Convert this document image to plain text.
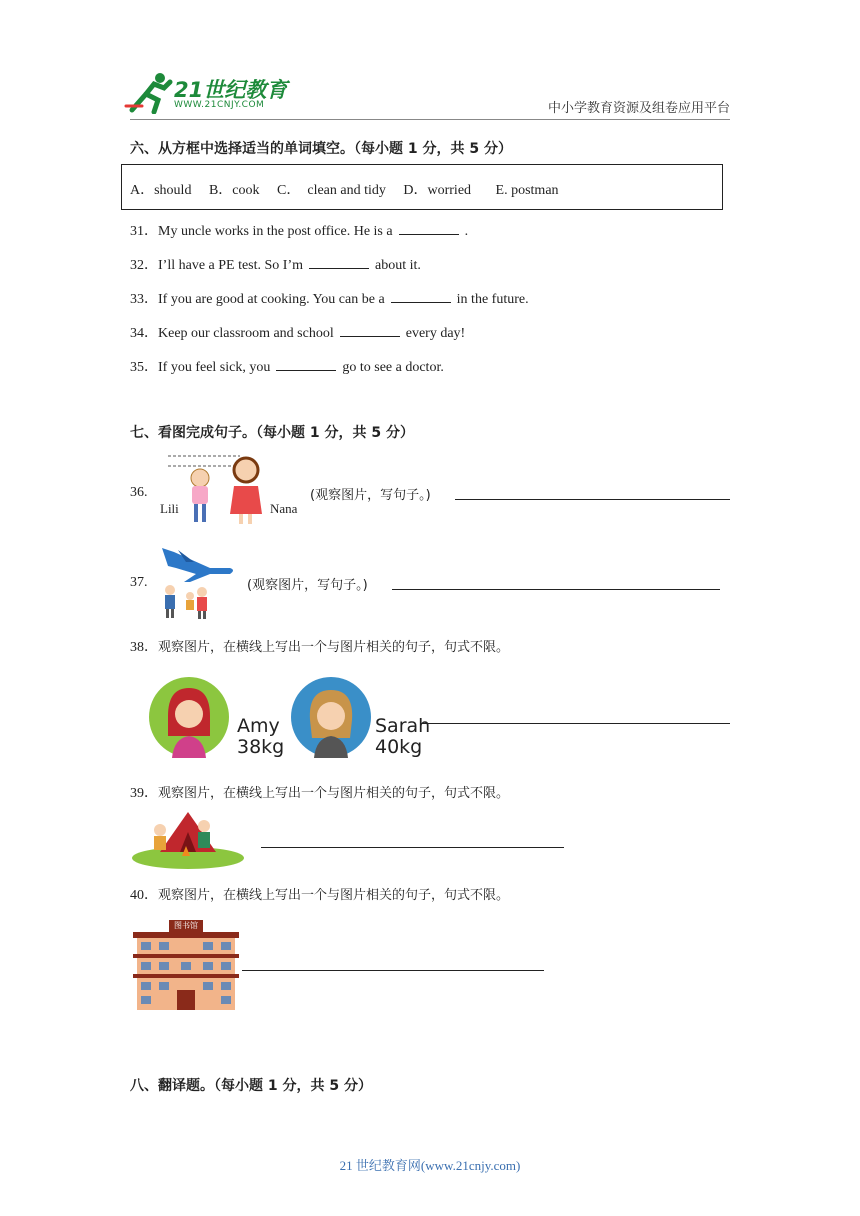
21世纪教育
WWW.21CNJY.COM	中小学教育资源及组卷应用平台
六、从方框中选择适当的单词填空。（每小题 1 分，共 5 分）
A．should B．cook C．  clean and tidy D．worried E. postman
31．My uncle works in the post office. He is a	.
32．I’ll have a PE test. So I’m	about it.
33．If you are good at cooking. You can be a	in the future.
34．Keep our classroom and school	every day!
35．If you feel sick, you	go to see a doctor.
七、看图完成句子。（每小题 1 分，共 5 分）
36.
Lili	Nana
(观察图片，写句子。)
37.	(观察图片，写句子。)
38．观察图片，在横线上写出一个与图片相关的句子，句式不限。
Amy
38kg
Sarah
40kg
39．观察图片，在横线上写出一个与图片相关的句子，句式不限。
40．观察图片，在横线上写出一个与图片相关的句子，句式不限。
图书馆
八、翻译题。（每小题 1 分，共 5 分）
21 世纪教育网(www.21cnjy.com)
